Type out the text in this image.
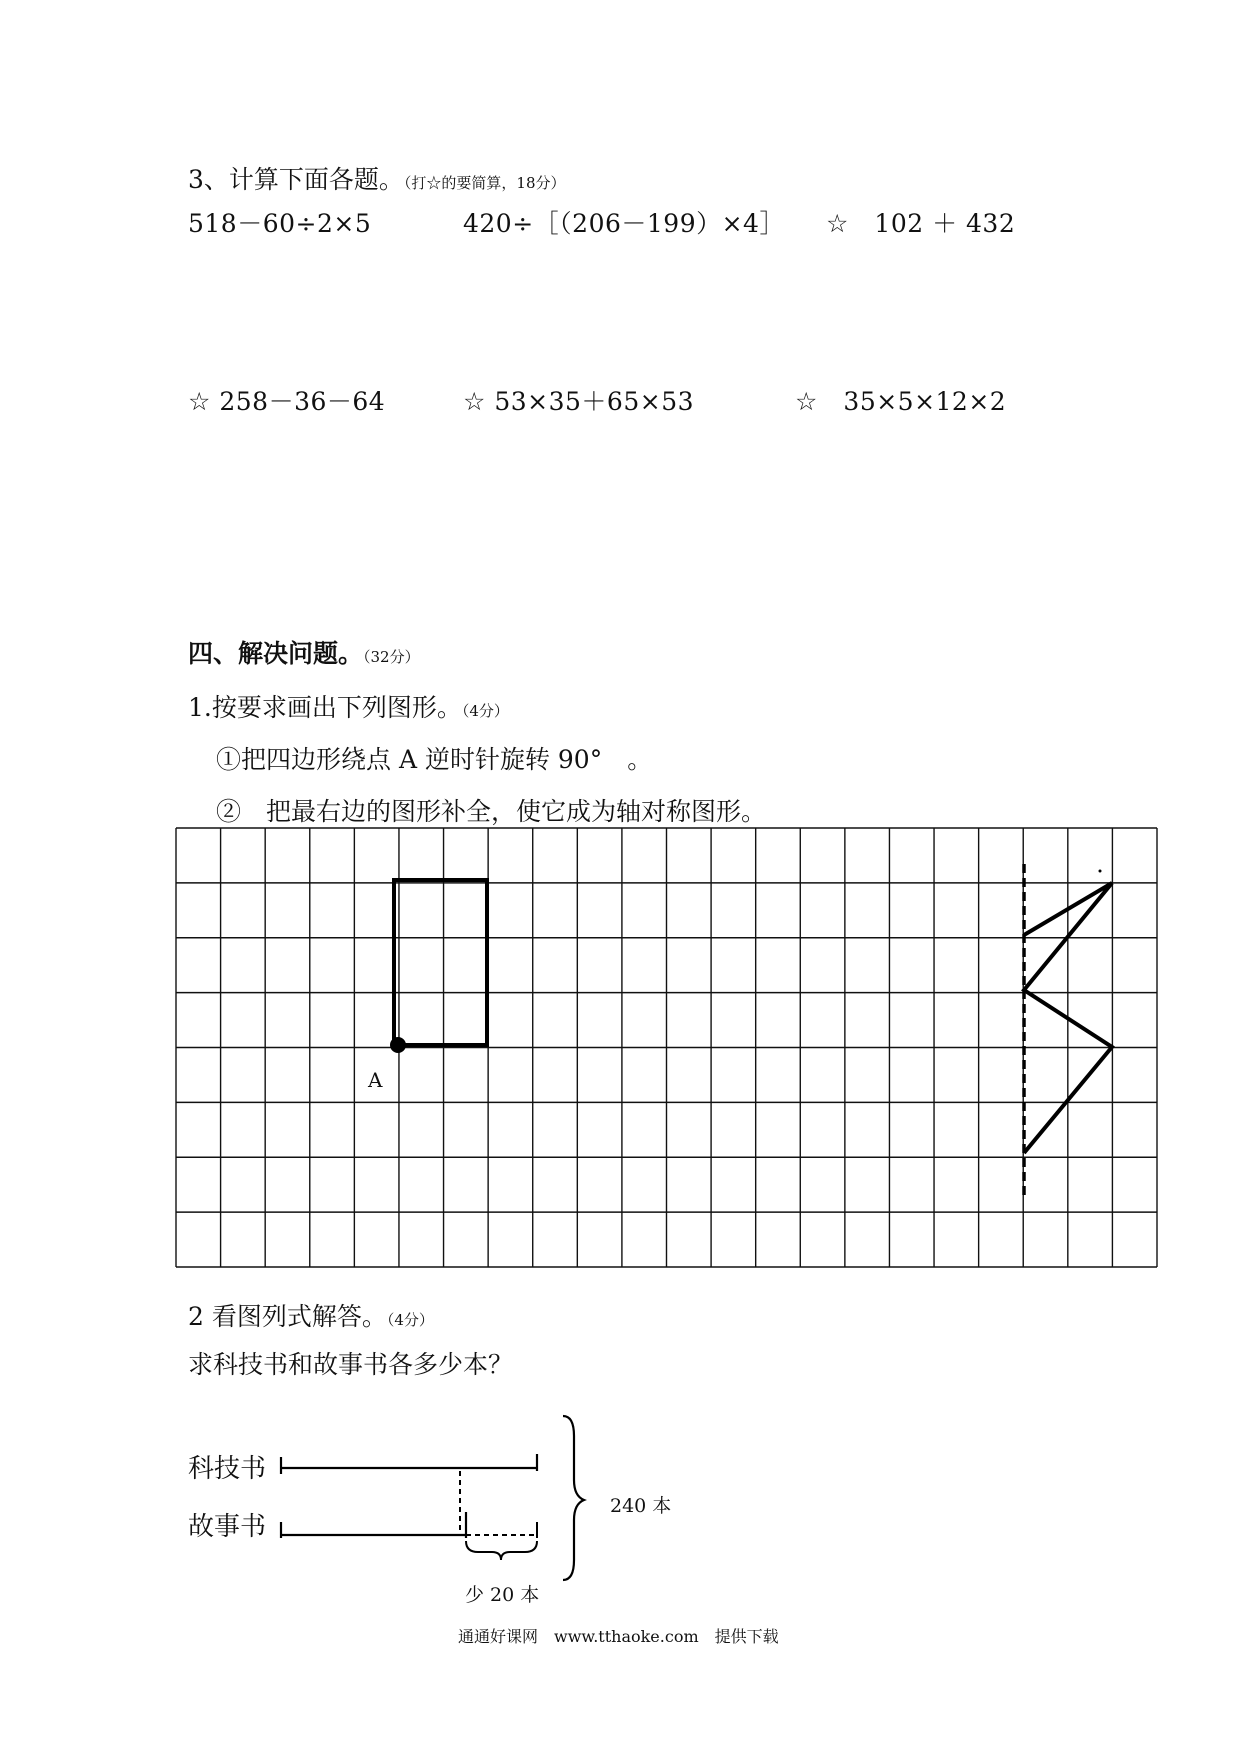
3、计算下面各题。（打☆的要简算，18分）
518－60÷2×5	420÷［（206－199）×4］ ☆　102 ＋ 432
☆ 258－36－64	☆ 53×35＋65×53	☆　35×5×12×2
四、解决问题。（32分）
1.按要求画出下列图形。（4分）
①把四边形绕点 A 逆时针旋转 90°　。
②　把最右边的图形补全，使它成为轴对称图形。
A
2 看图列式解答。（4分）
求科技书和故事书各多少本？
科技书
故事书
240 本
少 20 本
通通好课网　www.tthaoke.com　提供下载
